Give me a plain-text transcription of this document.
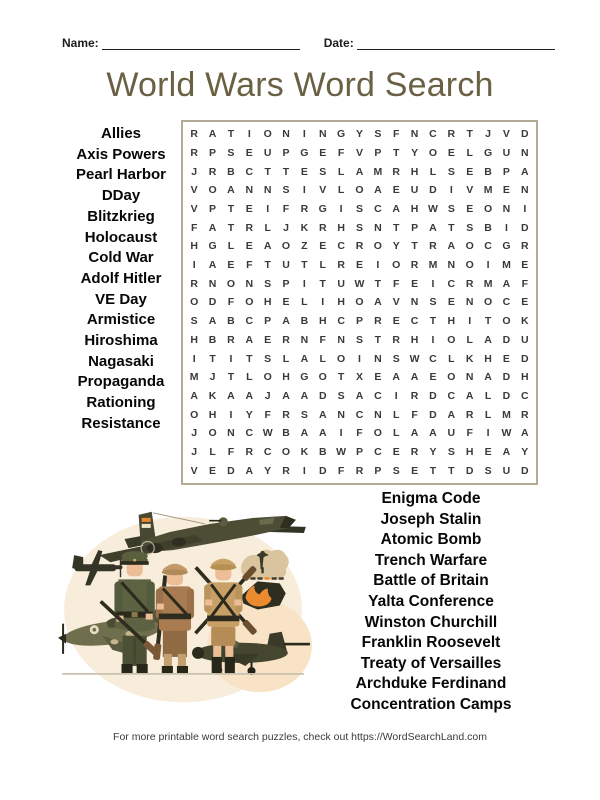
Name:	Date:
World Wars Word Search
Allies
Axis Powers
Pearl Harbor
DDay
Blitzkrieg
Holocaust
Cold War
Adolf Hitler
VE Day
Armistice
Hiroshima
Nagasaki
Propaganda
Rationing
Resistance
R	A	T	I	O N	I	N G	Y	S	F	N	C	R	T	J	V	D
R	P	S	E	U	P	G	E	F	V	P	T	Y	O	E	L	G U	N
J	R	B	C	T	T	E	S	L	A M R	H	L	S	E	B	P	A
V	O A	N	N	S	I	V	L	O A	E	U	D	I	V M E	N
V	P	T	E	I	F	R G	I	S	C	A	H W S	E	O N	I
F	A	T	R	L	J	K	R	H	S	N	T	P	A	T	S	B	I	D
H G	L	E	A O	Z	E	C	R O	Y	T	R	A O C G	R
I	A	E	F	T	U	T	L	R	E	I	O R M N O	I	M E
R	N O N	S	P	I	T	U W T	F	E	I	C	R M A	F
O D	F	O H	E	L	I	H O A	V	N	S	E	N O C	E
S	A	B	C	P	A	B	H	C	P	R	E	C	T	H	I	T	O	K
H	B	R	A	E	R	N	F	N	S	T	R	H	I	O	L	A	D	U
I	T	I	T	S	L	A	L	O	I	N	S W C	L	K	H	E	D
M	J	T	L	O H G O	T	X	E	A	A	E	O N	A	D	H
A	K	A	A	J	A	A	D	S	A	C	I	R	D	C	A	L	D	C
O H	I	Y	F	R	S	A	N	C	N	L	F	D	A	R	L	M R
J	O N	C W B	A	A	I	F	O	L	A	A	U	F	I	W A
J	L	F	R	C O	K	B W P	C	E	R	Y	S	H	E	A	Y
V	E	D	A	Y	R	I	D	F	R	P	S	E	T	T	D	S	U	D
Enigma Code
Joseph Stalin
Atomic Bomb
Trench Warfare
Battle of Britain
Yalta Conference
Winston Churchill
Franklin Roosevelt
Treaty of Versailles
Archduke Ferdinand
Concentration Camps
For more printable word search puzzles, check out https://WordSearchLand.com
